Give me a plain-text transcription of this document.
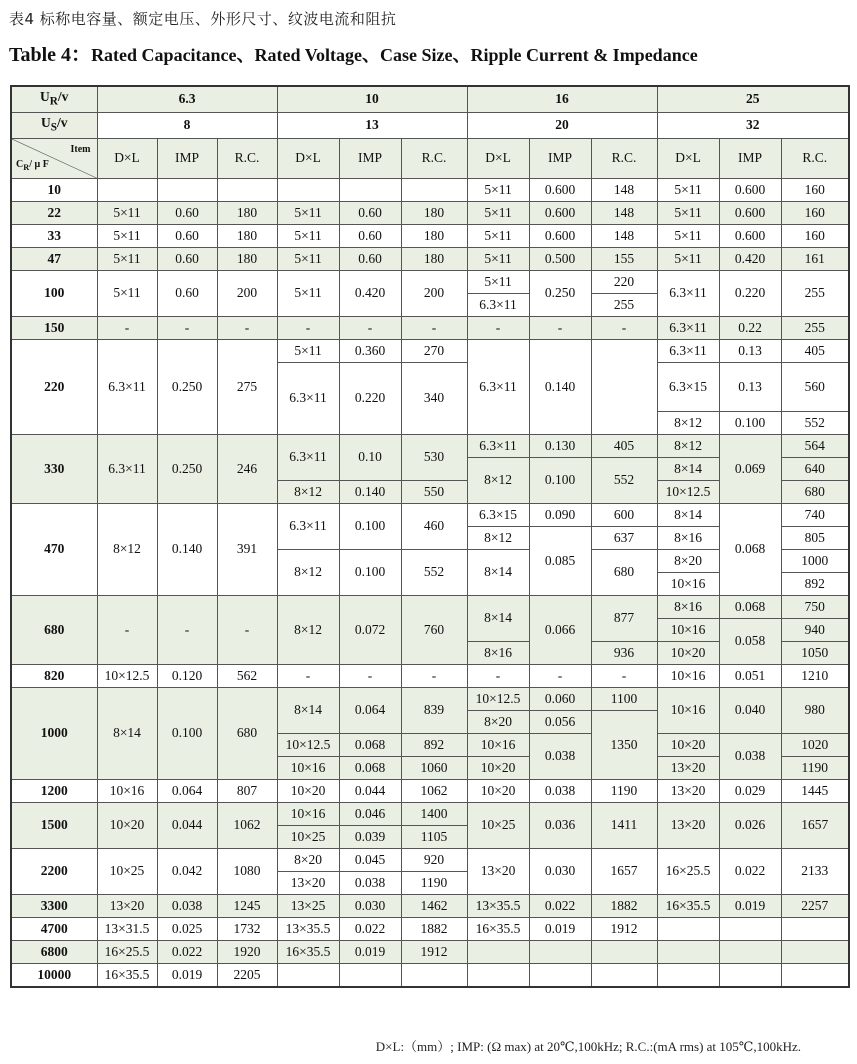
表4 标称电容量、额定电压、外形尺寸、纹波电流和阻抗
Table 4：Rated Capacitance、Rated Voltage、Case Size、Ripple Current & Impedance
$U_R/v$	6.3			10			16			25		
$U_S/v$	8			13			20			32		

Item
$C_R/$ μ F	D×L	IMP	R.C.	D×L	IMP	R.C.	D×L	IMP	R.C.	D×L	IMP	R.C.
10							5×11	0.600	148	5×11	0.600	160
22	5×11	0.60	180	5×11	0.60	180	5×11	0.600	148	5×11	0.600	160
33	5×11	0.60	180	5×11	0.60	180	5×11	0.600	148	5×11	0.600	160
47	5×11	0.60	180	5×11	0.60	180	5×11	0.500	155	5×11	0.420	161
100	5×11	0.60	200	5×11	0.420	200	5×11	0.250	220	6.3×11	0.220	255
							6.3×11		255			
150	-	-	-	-	-	-	-	-	-	6.3×11	0.22	255
220	6.3×11	0.250	275	5×11	0.360	270	6.3×11	0.140		6.3×11	0.13	405
										6.3×15	0.13	560
				6.3×11	0.220	340						
										8×12	0.100	552
330	6.3×11	0.250	246	6.3×11	0.10	530	6.3×11	0.130	405	8×12	0.069	564
							8×12	0.100	552	8×14		640
				8×12	0.140	550				10×12.5		680
470	8×12	0.140	391	6.3×11	0.100	460	6.3×15	0.090	600	8×14	0.068	740
							8×12	0.085	637	8×16		805
				8×12	0.100	552	8×14		680	8×20		1000
										10×16		892
680	-	-	-	8×12	0.072	760	8×14	0.066	877	8×16	0.068	750
										10×16	0.058	940
							8×16		936	10×20		1050
820	10×12.5	0.120	562	-	-	-	-	-	-	10×16	0.051	1210
1000	8×14	0.100	680	8×14	0.064	839	10×12.5	0.060	1100	10×16	0.040	980
							8×20	0.056	1350			
				10×12.5	0.068	892	10×16	0.038		10×20	0.038	1020
				10×16	0.068	1060	10×20			13×20		1190
1200	10×16	0.064	807	10×20	0.044	1062	10×20	0.038	1190	13×20	0.029	1445
1500	10×20	0.044	1062	10×16	0.046	1400	10×25	0.036	1411	13×20	0.026	1657
				10×25	0.039	1105						
2200	10×25	0.042	1080	8×20	0.045	920	13×20	0.030	1657	16×25.5	0.022	2133
				13×20	0.038	1190						
3300	13×20	0.038	1245	13×25	0.030	1462	13×35.5	0.022	1882	16×35.5	0.019	2257
4700	13×31.5	0.025	1732	13×35.5	0.022	1882	16×35.5	0.019	1912			
6800	16×25.5	0.022	1920	16×35.5	0.019	1912						
10000	16×35.5	0.019	2205									
D×L:（mm）; IMP: (Ω max) at 20℃,100kHz; R.C.:(mA rms) at 105℃,100kHz.
